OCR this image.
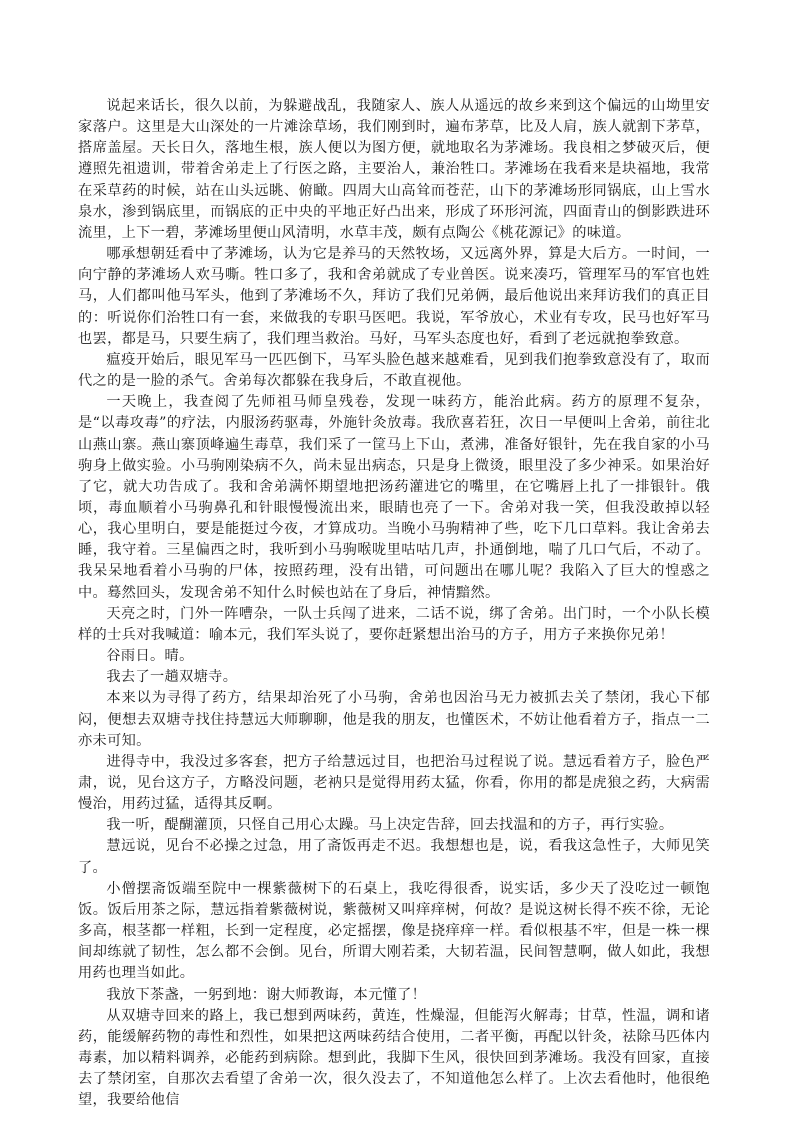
说起来话长，很久以前，为躲避战乱，我随家人、族人从遥远的故乡来到这个偏远的山坳里安家落户。这里是大山深处的一片滩涂草场，我们刚到时，遍布茅草，比及人肩，族人就割下茅草，搭席盖屋。天长日久，落地生根，族人便以为图方便，就地取名为茅滩场。我良相之梦破灭后，便遵照先祖遗训，带着舍弟走上了行医之路，主要治人，兼治牲口。茅滩场在我看来是块福地，我常在采草药的时候，站在山头远眺、俯瞰。四周大山高耸而苍茫，山下的茅滩场形同锅底，山上雪水泉水，渗到锅底里，而锅底的正中央的平地正好凸出来，形成了环形河流，四面青山的倒影跌进环流里，上下一碧，茅滩场里便山风清明，水草丰茂，颇有点陶公《桃花源记》的味道。

哪承想朝廷看中了茅滩场，认为它是养马的天然牧场，又远离外界，算是大后方。一时间，一向宁静的茅滩场人欢马嘶。牲口多了，我和舍弟就成了专业兽医。说来凑巧，管理军马的军官也姓马，人们都叫他马军头，他到了茅滩场不久，拜访了我们兄弟俩，最后他说出来拜访我们的真正目的：听说你们治牲口有一套，来做我的专职马医吧。我说，军爷放心，术业有专攻，民马也好军马也罢，都是马，只要生病了，我们理当救治。马好，马军头态度也好，看到了老远就抱拳致意。

瘟疫开始后，眼见军马一匹匹倒下，马军头脸色越来越难看，见到我们抱拳致意没有了，取而代之的是一脸的杀气。舍弟每次都躲在我身后，不敢直视他。

一天晚上，我查阅了先师祖马师皇残卷，发现一味药方，能治此病。药方的原理不复杂，是“以毒攻毒”的疗法，内服汤药驱毒，外施针灸放毒。我欣喜若狂，次日一早便叫上舍弟，前往北山燕山寨。燕山寨顶峰遍生毒草，我们采了一筐马上下山，煮沸，准备好银针，先在我自家的小马驹身上做实验。小马驹刚染病不久，尚未显出病态，只是身上微烫，眼里没了多少神采。如果治好了它，就大功告成了。我和舍弟满怀期望地把汤药灌进它的嘴里，在它嘴唇上扎了一排银针。俄顷，毒血顺着小马驹鼻孔和针眼慢慢流出来，眼睛也亮了一下。舍弟对我一笑，但我没敢掉以轻心，我心里明白，要是能挺过今夜，才算成功。当晚小马驹精神了些，吃下几口草料。我让舍弟去睡，我守着。三星偏西之时，我听到小马驹喉咙里咕咕几声，扑通倒地，喘了几口气后，不动了。我呆呆地看着小马驹的尸体，按照药理，没有出错，可问题出在哪儿呢？我陷入了巨大的惶惑之中。蓦然回头，发现舍弟不知什么时候也站在了身后，神情黯然。

天亮之时，门外一阵嘈杂，一队士兵闯了进来，二话不说，绑了舍弟。出门时，一个小队长模样的士兵对我喊道：喻本元，我们军头说了，要你赶紧想出治马的方子，用方子来换你兄弟！

谷雨日。晴。

我去了一趟双塘寺。

本来以为寻得了药方，结果却治死了小马驹，舍弟也因治马无力被抓去关了禁闭，我心下郁闷，便想去双塘寺找住持慧远大师聊聊，他是我的朋友，也懂医术，不妨让他看着方子，指点一二亦未可知。

进得寺中，我没过多客套，把方子给慧远过目，也把治马过程说了说。慧远看着方子，脸色严肃，说，见台这方子，方略没问题，老衲只是觉得用药太猛，你看，你用的都是虎狼之药，大病需慢治，用药过猛，适得其反啊。

我一听，醍醐灌顶，只怪自己用心太躁。马上决定告辞，回去找温和的方子，再行实验。

慧远说，见台不必操之过急，用了斋饭再走不迟。我想想也是，说，看我这急性子，大师见笑了。

小僧摆斋饭端至院中一棵紫薇树下的石桌上，我吃得很香，说实话，多少天了没吃过一顿饱饭。饭后用茶之际，慧远指着紫薇树说，紫薇树又叫痒痒树，何故？是说这树长得不疾不徐，无论多高，根茎都一样粗，长到一定程度，必定摇摆，像是挠痒痒一样。看似根基不牢，但是一株一棵间却练就了韧性，怎么都不会倒。见台，所谓大刚若柔，大韧若温，民间智慧啊，做人如此，我想用药也理当如此。

我放下茶盏，一躬到地：谢大师教诲，本元懂了！

从双塘寺回来的路上，我已想到两味药，黄连，性燥湿，但能泻火解毒；甘草，性温，调和诸药，能缓解药物的毒性和烈性，如果把这两味药结合使用，二者平衡，再配以针灸，祛除马匹体内毒素，加以精料调养，必能药到病除。想到此，我脚下生风，很快回到茅滩场。我没有回家，直接去了禁闭室，自那次去看望了舍弟一次，很久没去了，不知道他怎么样了。上次去看他时，他很绝望，我要给他信
